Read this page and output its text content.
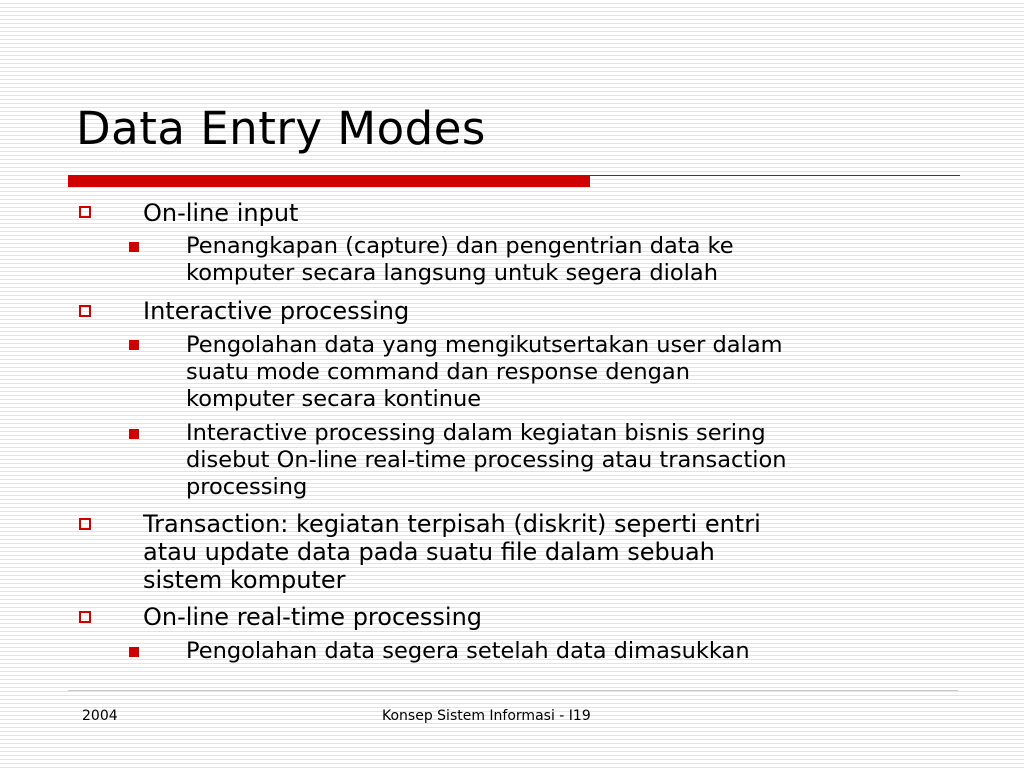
Data Entry Modes
On-line input
Penangkapan (capture) dan pengentrian data ke
komputer secara langsung untuk segera diolah
Interactive processing
Pengolahan data yang mengikutsertakan user dalam
suatu mode command dan response dengan
komputer secara kontinue
Interactive processing dalam kegiatan bisnis sering
disebut On-line real-time processing atau transaction
processing
Transaction: kegiatan terpisah (diskrit) seperti entri
atau update data pada suatu file dalam sebuah
sistem komputer
On-line real-time processing
Pengolahan data segera setelah data dimasukkan
2004	Konsep Sistem Informasi - I19
